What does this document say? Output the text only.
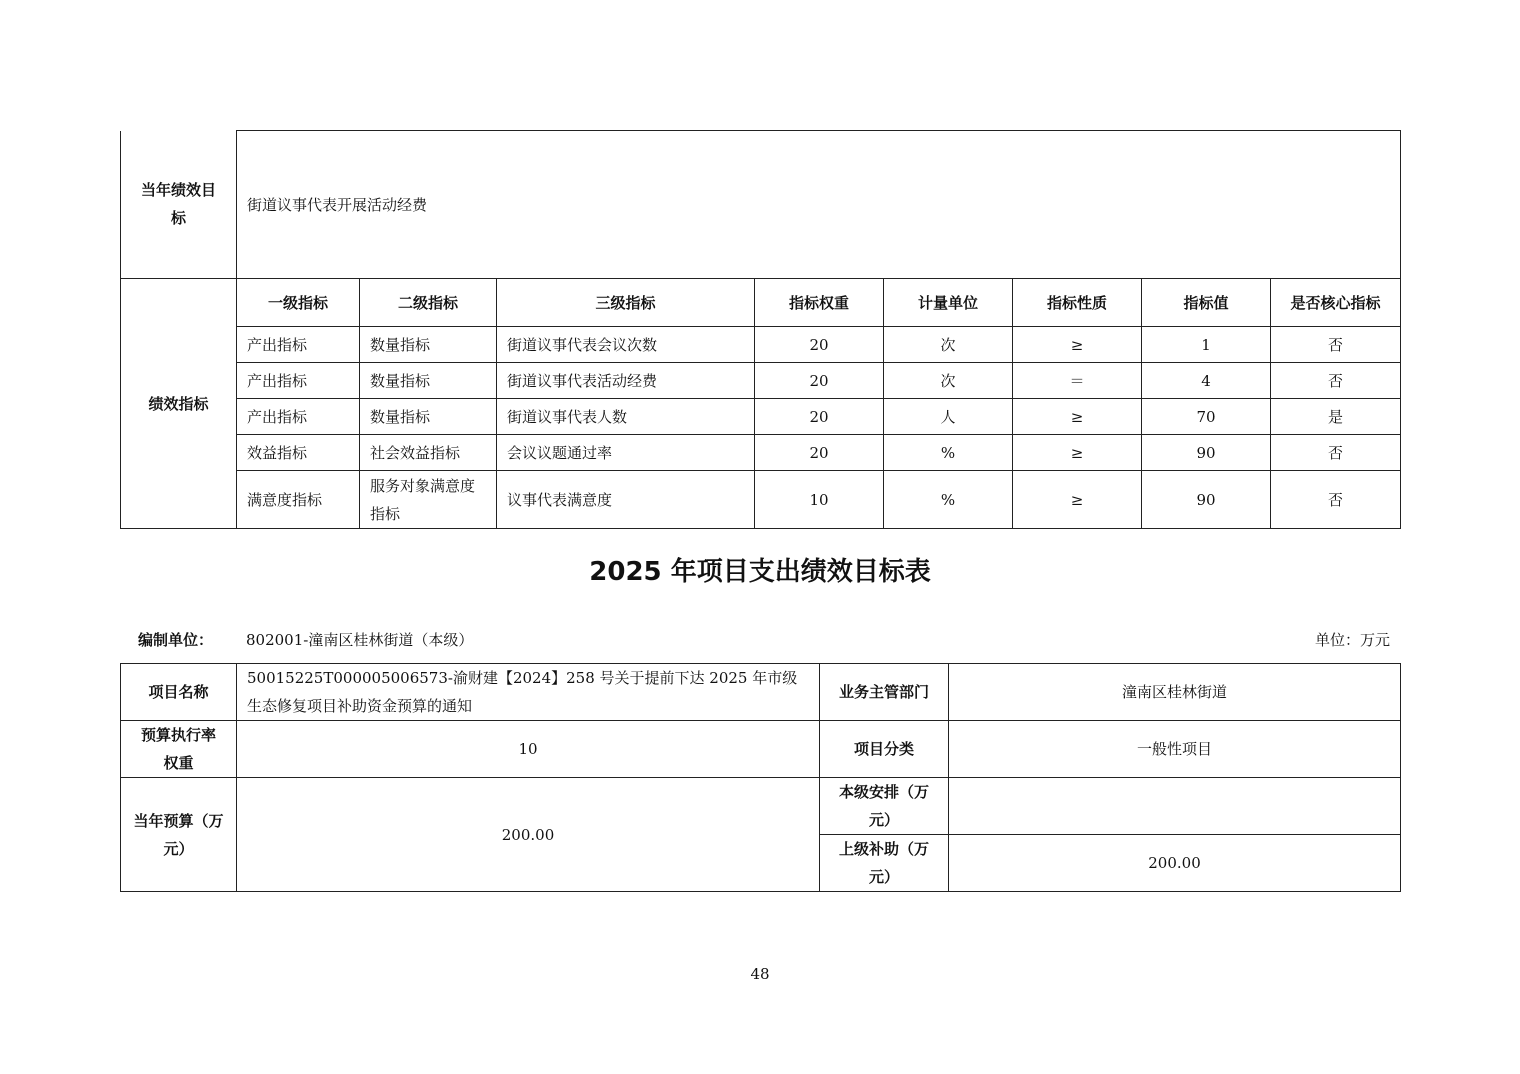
当年绩效目标	街道议事代表开展活动经费							
绩效指标	一级指标	二级指标	三级指标	指标权重	计量单位	指标性质	指标值	是否核心指标
	产出指标	数量指标	街道议事代表会议次数	20	次	≥	1	否
	产出指标	数量指标	街道议事代表活动经费	20	次	＝	4	否
	产出指标	数量指标	街道议事代表人数	20	人	≥	70	是
	效益指标	社会效益指标	会议议题通过率	20	%	≥	90	否
	满意度指标	服务对象满意度指标	议事代表满意度	10	%	≥	90	否
2025 年项目支出绩效目标表
编制单位： 802001-潼南区桂林街道（本级）	单位：万元
项目名称	50015225T000005006573-渝财建【2024】258 号关于提前下达 2025 年市级生态修复项目补助资金预算的通知	业务主管部门	潼南区桂林街道
预算执行率权重	10	项目分类	一般性项目
当年预算（万元）	200.00	本级安排（万元）	
		上级补助（万元）	200.00
48
